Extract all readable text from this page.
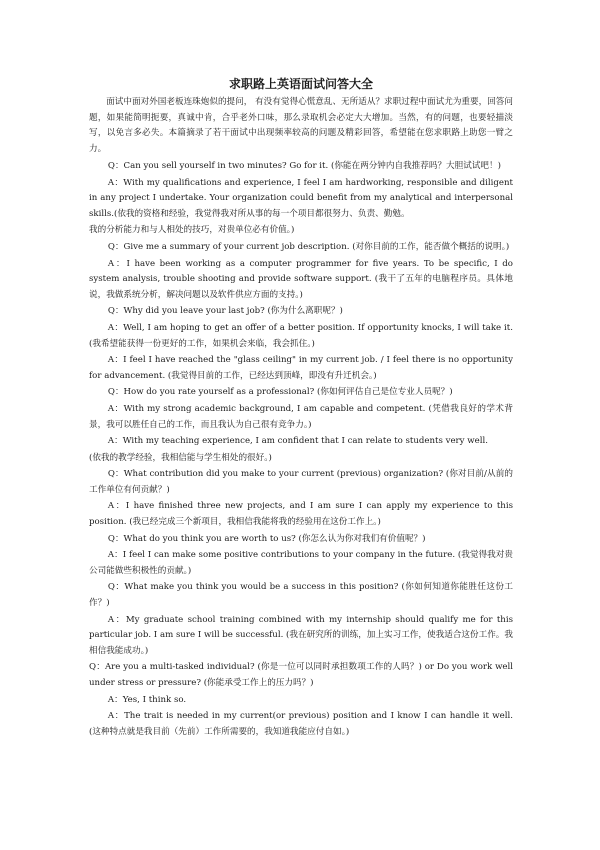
求职路上英语面试问答大全

面试中面对外国老板连珠炮似的提问， 有没有觉得心慌意乱、无所适从？求职过程中面试尤为重要，回答问题，如果能简明扼要，真诚中肯，合乎老外口味，那么录取机会必定大大增加。当然，有的问题，也要轻描淡写，以免言多必失。本篇摘录了若干面试中出现频率较高的问题及精彩回答，希望能在您求职路上助您一臂之力。

Q：Can you sell yourself in two minutes? Go for it. (你能在两分钟内自我推荐吗？大胆试试吧！)

A：With my qualifications and experience, I feel I am hardworking, responsible and diligent in any project I undertake. Your organization could benefit from my analytical and interpersonal skills.(依我的资格和经验，我觉得我对所从事的每一个项目都很努力、负责、勤勉。

我的分析能力和与人相处的技巧，对贵单位必有价值。)

Q：Give me a summary of your current job description. (对你目前的工作，能否做个概括的说明。)

A：I have been working as a computer programmer for five years. To be specific, I do system analysis, trouble shooting and provide software support. (我干了五年的电脑程序员。具体地说，我做系统分析，解决问题以及软件供应方面的支持。)

Q：Why did you leave your last job? (你为什么离职呢？)

A：Well, I am hoping to get an offer of a better position. If opportunity knocks, I will take it. (我希望能获得一份更好的工作，如果机会来临，我会抓住。)

A：I feel I have reached the "glass ceiling" in my current job. / I feel there is no opportunity for advancement. (我觉得目前的工作，已经达到顶峰，即没有升迁机会。)

Q：How do you rate yourself as a professional? (你如何评估自己是位专业人员呢？)

A：With my strong academic background, I am capable and competent. (凭借我良好的学术背景，我可以胜任自己的工作，而且我认为自己很有竞争力。)

A：With my teaching experience, I am confident that I can relate to students very well.

(依我的教学经验，我相信能与学生相处的很好。)

Q：What contribution did you make to your current (previous) organization? (你对目前/从前的工作单位有何贡献？)

A：I have finished three new projects, and I am sure I can apply my experience to this position. (我已经完成三个新项目，我相信我能将我的经验用在这份工作上。)

Q：What do you think you are worth to us? (你怎么认为你对我们有价值呢？)

A：I feel I can make some positive contributions to your company in the future. (我觉得我对贵公司能做些积极性的贡献。)

Q：What make you think you would be a success in this position? (你如何知道你能胜任这份工作？)

A：My graduate school training combined with my internship should qualify me for this particular job. I am sure I will be successful. (我在研究所的训练，加上实习工作，使我适合这份工作。我相信我能成功。)

Q：Are you a multi-tasked individual? (你是一位可以同时承担数项工作的人吗？) or Do you work well under stress or pressure? (你能承受工作上的压力吗？)

A：Yes, I think so.

A：The trait is needed in my current(or previous) position and I know I can handle it well. (这种特点就是我目前（先前）工作所需要的，我知道我能应付自如。)
